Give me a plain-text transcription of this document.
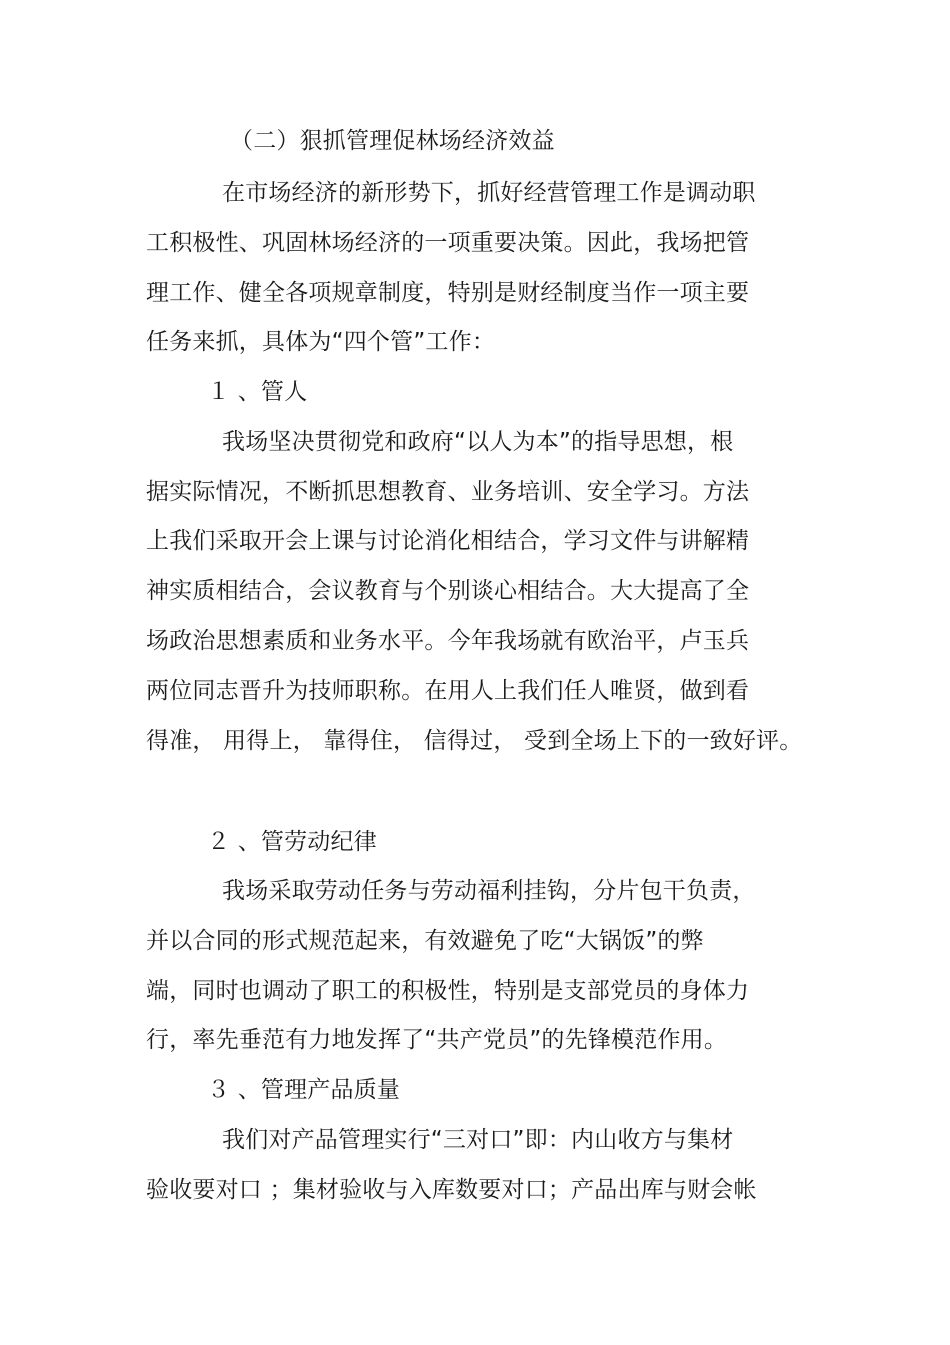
（二）狠抓管理促林场经济效益
在市场经济的新形势下，抓好经营管理工作是调动职
工积极性、巩固林场经济的一项重要决策。因此，我场把管
理工作、健全各项规章制度，特别是财经制度当作一项主要
任务来抓，具体为“四个管”工作：
１ 、管人
我场坚决贯彻党和政府“以人为本”的指导思想，根
据实际情况，不断抓思想教育、业务培训、安全学习。方法
上我们采取开会上课与讨论消化相结合，学习文件与讲解精
神实质相结合，会议教育与个别谈心相结合。大大提高了全
场政治思想素质和业务水平。今年我场就有欧治平，卢玉兵
两位同志晋升为技师职称。在用人上我们任人唯贤，做到看
得准， 用得上， 靠得住， 信得过， 受到全场上下的一致好评。
２ 、管劳动纪律
我场采取劳动任务与劳动福利挂钩，分片包干负责，
并以合同的形式规范起来，有效避免了吃“大锅饭”的弊
端，同时也调动了职工的积极性，特别是支部党员的身体力
行，率先垂范有力地发挥了“共产党员”的先锋模范作用。
３ 、管理产品质量
我们对产品管理实行“三对口”即：内山收方与集材
验收要对口 ；集材验收与入库数要对口；产品出库与财会帐
